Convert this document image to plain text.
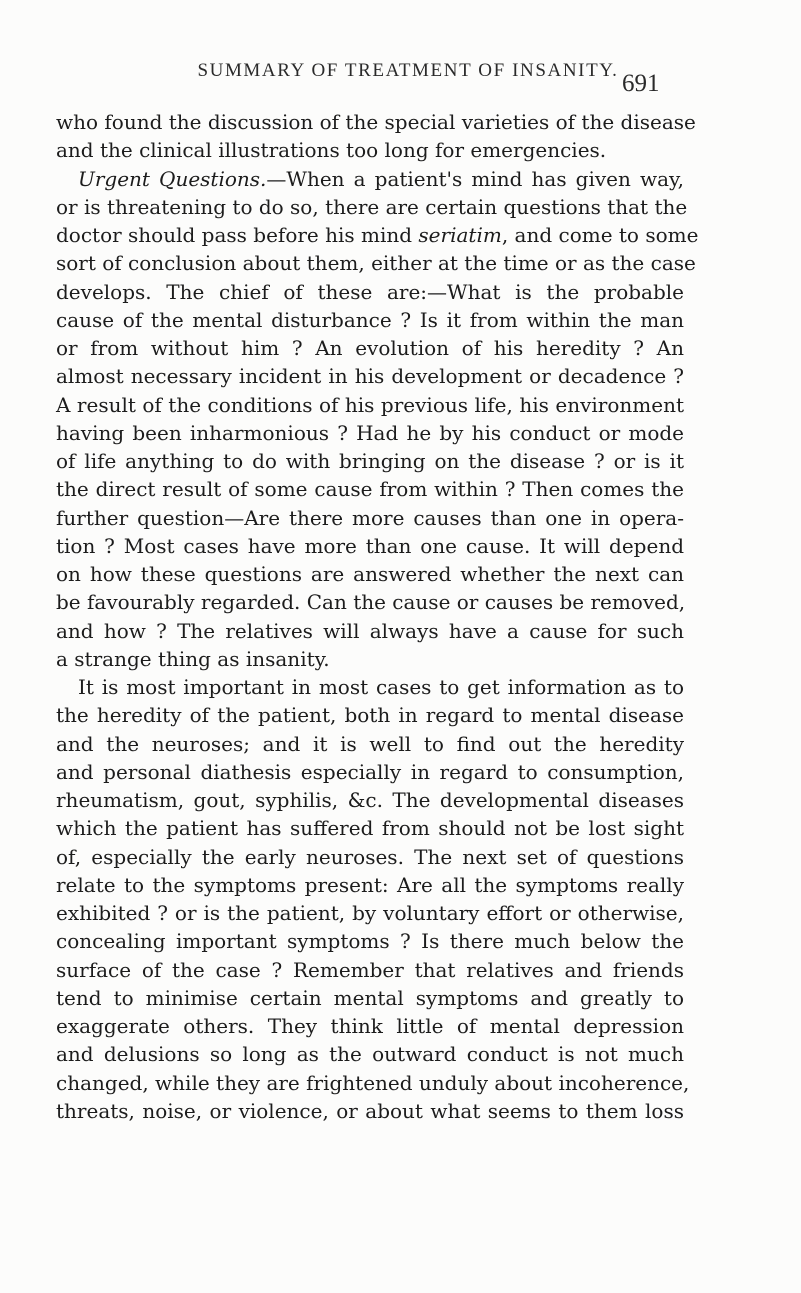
SUMMARY OF TREATMENT OF INSANITY. 691
who found the discussion of the special varieties of the disease
and the clinical illustrations too long for emergencies.
Urgent Questions.—When a patient's mind has given way,
or is threatening to do so, there are certain questions that the
doctor should pass before his mind seriatim, and come to some
sort of conclusion about them, either at the time or as the case
develops. The chief of these are:—What is the probable
cause of the mental disturbance ? Is it from within the man
or from without him ? An evolution of his heredity ? An
almost necessary incident in his development or decadence ?
A result of the conditions of his previous life, his environment
having been inharmonious ? Had he by his conduct or mode
of life anything to do with bringing on the disease ? or is it
the direct result of some cause from within ? Then comes the
further question—Are there more causes than one in opera-
tion ? Most cases have more than one cause. It will depend
on how these questions are answered whether the next can
be favourably regarded. Can the cause or causes be removed,
and how ? The relatives will always have a cause for such
a strange thing as insanity.
It is most important in most cases to get information as to
the heredity of the patient, both in regard to mental disease
and the neuroses; and it is well to find out the heredity
and personal diathesis especially in regard to consumption,
rheumatism, gout, syphilis, &c. The developmental diseases
which the patient has suffered from should not be lost sight
of, especially the early neuroses. The next set of questions
relate to the symptoms present: Are all the symptoms really
exhibited ? or is the patient, by voluntary effort or otherwise,
concealing important symptoms ? Is there much below the
surface of the case ? Remember that relatives and friends
tend to minimise certain mental symptoms and greatly to
exaggerate others. They think little of mental depression
and delusions so long as the outward conduct is not much
changed, while they are frightened unduly about incoherence,
threats, noise, or violence, or about what seems to them loss
